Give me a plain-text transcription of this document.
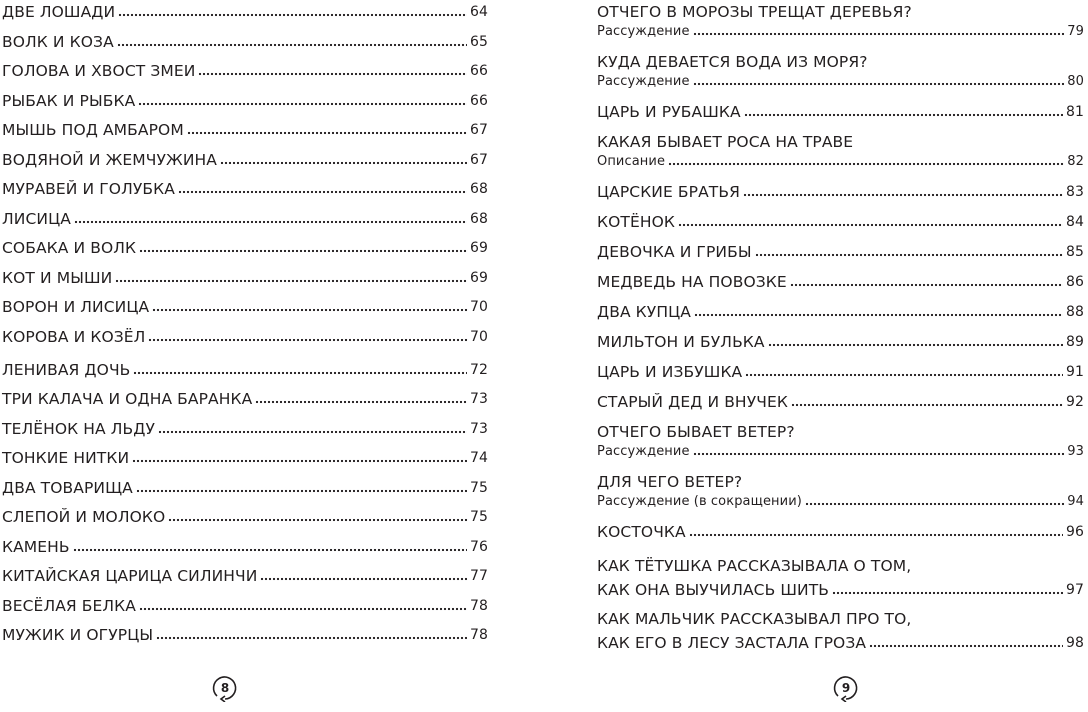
ДВЕ ЛОШАДИ	64
ВОЛК И КОЗА	65
ГОЛОВА И ХВОСТ ЗМЕИ	66
РЫБАК И РЫБКА	66
МЫШЬ ПОД АМБАРОМ	67
ВОДЯНОЙ И ЖЕМЧУЖИНА	67
МУРАВЕЙ И ГОЛУБКА	68
ЛИСИЦА	68
СОБАКА И ВОЛК	69
КОТ И МЫШИ	69
ВОРОН И ЛИСИЦА	70
КОРОВА И КОЗЁЛ	70
ЛЕНИВАЯ ДОЧЬ	72
ТРИ КАЛАЧА И ОДНА БАРАНКА	73
ТЕЛЁНОК НА ЛЬДУ	73
ТОНКИЕ НИТКИ	74
ДВА ТОВАРИЩА	75
СЛЕПОЙ И МОЛОКО	75
КАМЕНЬ	76
КИТАЙСКАЯ ЦАРИЦА СИЛИНЧИ	77
ВЕСЁЛАЯ БЕЛКА	78
МУЖИК И ОГУРЦЫ	78
ОТЧЕГО В МОРОЗЫ ТРЕЩАТ ДЕРЕВЬЯ?
Рассуждение	79
КУДА ДЕВАЕТСЯ ВОДА ИЗ МОРЯ?
Рассуждение	80
ЦАРЬ И РУБАШКА	81
КАКАЯ БЫВАЕТ РОСА НА ТРАВЕ
Описание	82
ЦАРСКИЕ БРАТЬЯ	83
КОТЁНОК	84
ДЕВОЧКА И ГРИБЫ	85
МЕДВЕДЬ НА ПОВОЗКЕ	86
ДВА КУПЦА	88
МИЛЬТОН И БУЛЬКА	89
ЦАРЬ И ИЗБУШКА	91
СТАРЫЙ ДЕД И ВНУЧЕК	92
ОТЧЕГО БЫВАЕТ ВЕТЕР?
Рассуждение	93
ДЛЯ ЧЕГО ВЕТЕР?
Рассуждение (в сокращении)	94
КОСТОЧКА	96
КАК ТЁТУШКА РАССКАЗЫВАЛА О ТОМ,
КАК ОНА ВЫУЧИЛАСЬ ШИТЬ	97
КАК МАЛЬЧИК РАССКАЗЫВАЛ ПРО ТО,
КАК ЕГО В ЛЕСУ ЗАСТАЛА ГРОЗА	98
8	9
